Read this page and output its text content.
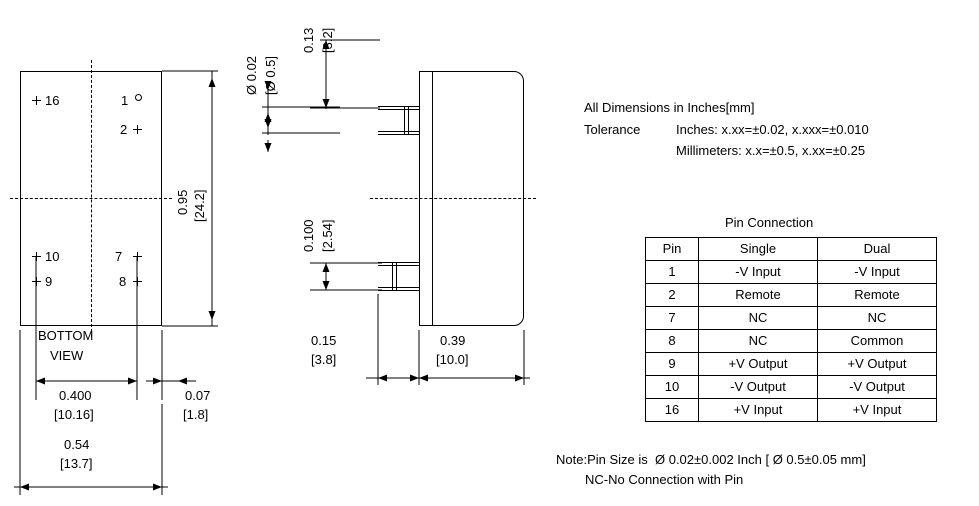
16	1
2
10	7
9	8
BOTTOM
VIEW
0.95 [24.2]
0.400
[10.16]
0.07
[1.8]
0.54
[13.7]
Ø 0.02 [Ø 0.5]
0.13 [3.2]
0.100 [2.54]
0.15
[3.8]
0.39
[10.0]
All Dimensions in Inches[mm]
Tolerance	Inches: x.xx=±0.02, x.xxx=±0.010
Millimeters: x.x=±0.5, x.xx=±0.25
Pin Connection
Pin	Single	Dual
1	-V Input	-V Input
2	Remote	Remote
7	NC	NC
8	NC	Common
9	+V Output	+V Output
10	-V Output	-V Output
16	+V Input	+V Input
Note:Pin Size is  Ø 0.02±0.002 Inch [ Ø 0.5±0.05 mm]
NC-No Connection with Pin
